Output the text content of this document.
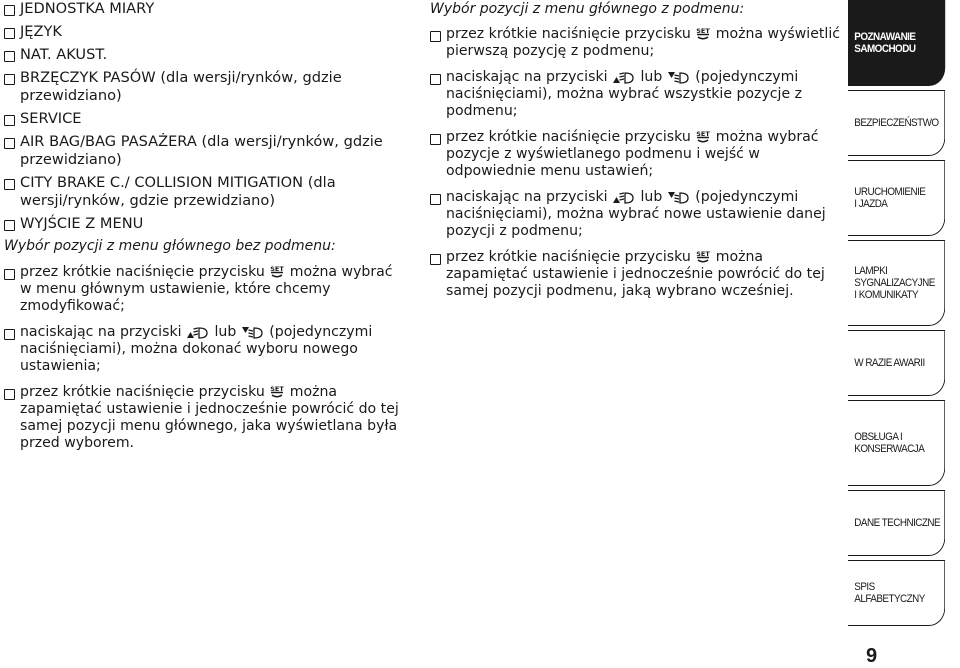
JEDNOSTKA MIARY

JĘZYK

NAT. AKUST.

BRZĘCZYK PASÓW (dla wersji/rynków, gdzie przewidziano)

SERVICE

AIR BAG/BAG PASAŻERA (dla wersji/rynków, gdzie przewidziano)

CITY BRAKE C./ COLLISION MITIGATION (dla wersji/rynków, gdzie przewidziano)

WYJŚCIE Z MENU

Wybór pozycji z menu głównego bez podmenu:

przez krótkie naciśnięcie przycisku SET można wybrać w menu głównym ustawienie, które chcemy zmodyfikować;

naciskając na przyciski lub (pojedynczymi naciśnięciami), można dokonać wyboru nowego ustawienia;

przez krótkie naciśnięcie przycisku SET można zapamiętać ustawienie i jednocześnie powrócić do tej samej pozycji menu głównego, jaka wyświetlana była przed wyborem.

Wybór pozycji z menu głównego z podmenu:

przez krótkie naciśnięcie przycisku SET można wyświetlić pierwszą pozycję z podmenu;

naciskając na przyciski lub (pojedynczymi naciśnięciami), można wybrać wszystkie pozycje z podmenu;

przez krótkie naciśnięcie przycisku SET można wybrać pozycje z wyświetlanego podmenu i wejść w odpowiednie menu ustawień;

naciskając na przyciski lub (pojedynczymi naciśnięciami), można wybrać nowe ustawienie danej pozycji z podmenu;

przez krótkie naciśnięcie przycisku SET można zapamiętać ustawienie i jednocześnie powrócić do tej samej pozycji podmenu, jaką wybrano wcześniej.

POZNAWANIE SAMOCHODU
BEZPIECZEŃSTWO
URUCHOMIENIE I JAZDA
LAMPKI SYGNALIZACYJNE I KOMUNIKATY
W RAZIE AWARII
OBSŁUGA I KONSERWACJA
DANE TECHNICZNE
SPIS ALFABETYCZNY
9
